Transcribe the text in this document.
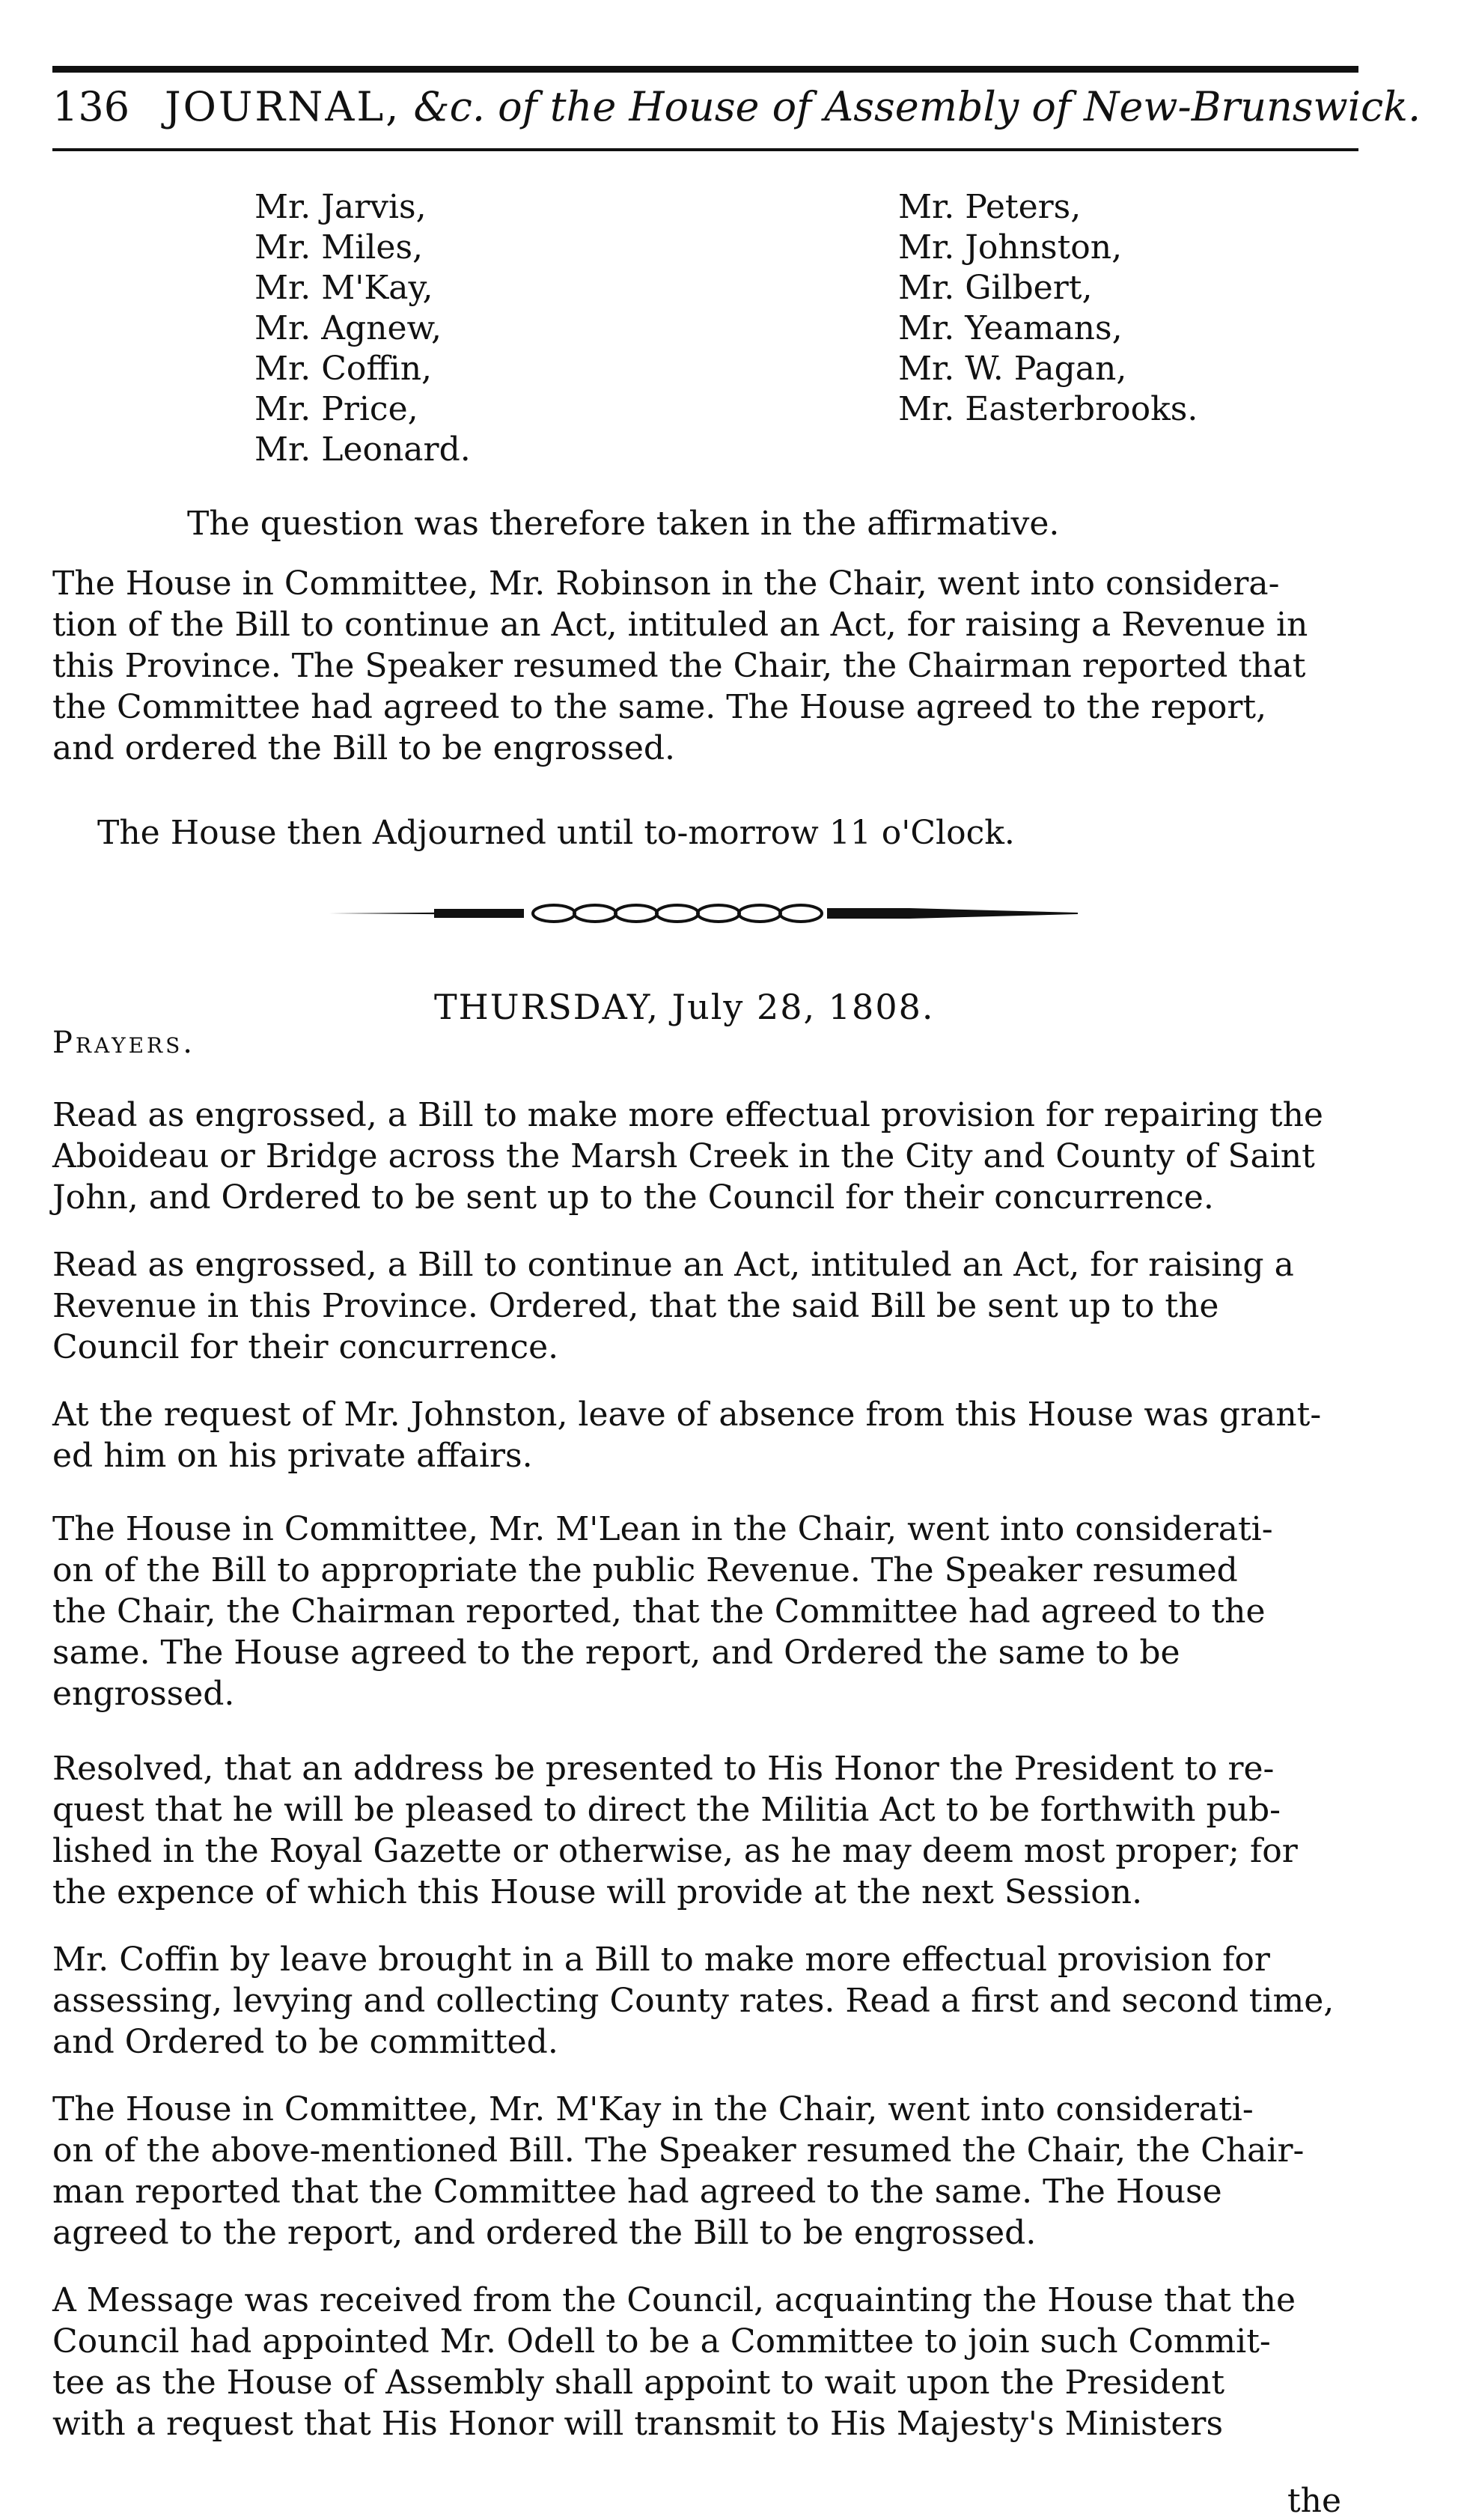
136 JOURNAL, &c. of the House of Assembly of New-Brunswick.
Mr. Jarvis,
Mr. Miles,
Mr. M'Kay,
Mr. Agnew,
Mr. Coffin,
Mr. Price,
Mr. Leonard.
Mr. Peters,
Mr. Johnston,
Mr. Gilbert,
Mr. Yeamans,
Mr. W. Pagan,
Mr. Easterbrooks.
The question was therefore taken in the affirmative.
The House in Committee, Mr. Robinson in the Chair, went into considera-
tion of the Bill to continue an Act, intituled an Act, for raising a Revenue in
this Province. The Speaker resumed the Chair, the Chairman reported that
the Committee had agreed to the same. The House agreed to the report,
and ordered the Bill to be engrossed.
The House then Adjourned until to-morrow 11 o'Clock.
THURSDAY, July 28, 1808.
Prayers.
Read as engrossed, a Bill to make more effectual provision for repairing the
Aboideau or Bridge across the Marsh Creek in the City and County of Saint
John, and Ordered to be sent up to the Council for their concurrence.
Read as engrossed, a Bill to continue an Act, intituled an Act, for raising a
Revenue in this Province. Ordered, that the said Bill be sent up to the
Council for their concurrence.
At the request of Mr. Johnston, leave of absence from this House was grant-
ed him on his private affairs.
The House in Committee, Mr. M'Lean in the Chair, went into considerati-
on of the Bill to appropriate the public Revenue. The Speaker resumed
the Chair, the Chairman reported, that the Committee had agreed to the
same. The House agreed to the report, and Ordered the same to be
engrossed.
Resolved, that an address be presented to His Honor the President to re-
quest that he will be pleased to direct the Militia Act to be forthwith pub-
lished in the Royal Gazette or otherwise, as he may deem most proper; for
the expence of which this House will provide at the next Session.
Mr. Coffin by leave brought in a Bill to make more effectual provision for
assessing, levying and collecting County rates. Read a first and second time,
and Ordered to be committed.
The House in Committee, Mr. M'Kay in the Chair, went into considerati-
on of the above-mentioned Bill. The Speaker resumed the Chair, the Chair-
man reported that the Committee had agreed to the same. The House
agreed to the report, and ordered the Bill to be engrossed.
A Message was received from the Council, acquainting the House that the
Council had appointed Mr. Odell to be a Committee to join such Commit-
tee as the House of Assembly shall appoint to wait upon the President
with a request that His Honor will transmit to His Majesty's Ministers
the
